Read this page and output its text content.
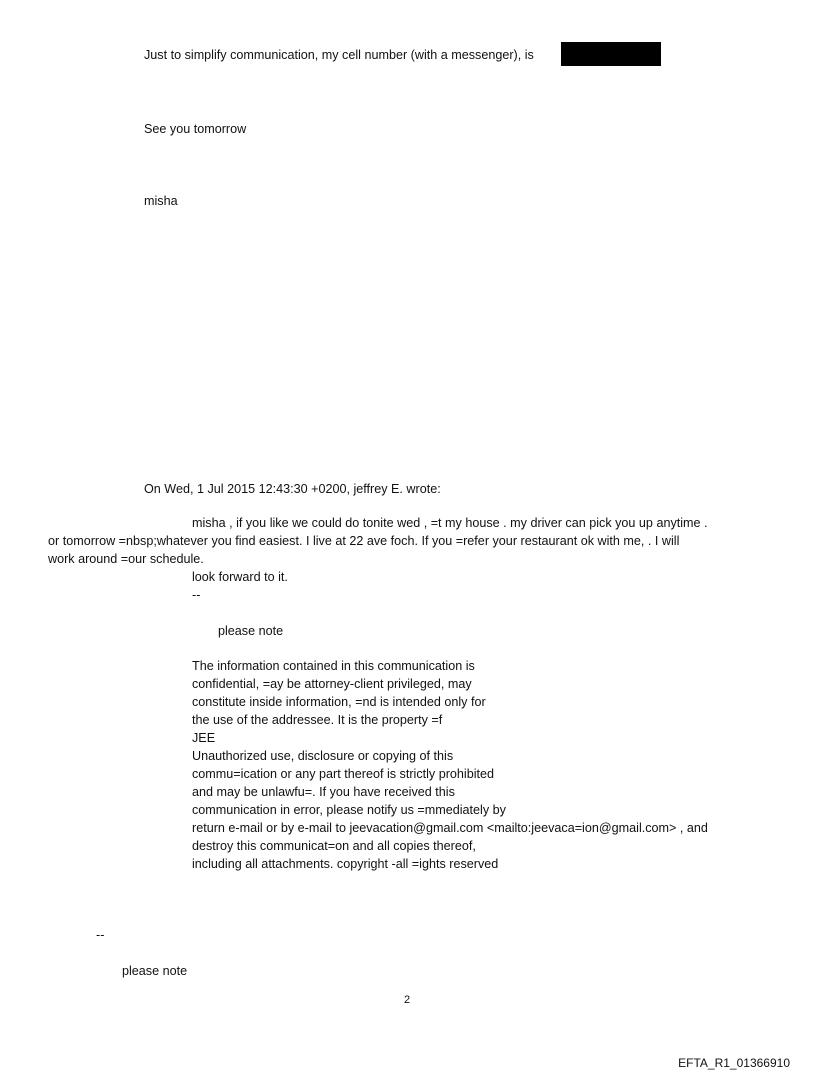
Just to simplify communication, my cell number (with a messenger), is
See you tomorrow
misha
On Wed, 1 Jul 2015 12:43:30 +0200, jeffrey E. wrote:
misha , if you like we could do tonite wed , =t my house . my driver can pick you up anytime .
or tomorrow =nbsp;whatever you find easiest. I live at 22 ave foch. If you =refer your restaurant ok with me, . I will
work around =our schedule.
look forward to it.
--
please note
The information contained in this communication is
confidential, =ay be attorney-client privileged, may
constitute inside information, =nd is intended only for
the use of the addressee. It is the property =f
JEE
Unauthorized use, disclosure or copying of this
commu=ication or any part thereof is strictly prohibited
and may be unlawfu=. If you have received this
communication in error, please notify us =mmediately by
return e-mail or by e-mail to jeevacation@gmail.com <mailto:jeevaca=ion@gmail.com> , and
destroy this communicat=on and all copies thereof,
including all attachments. copyright -all =ights reserved
--
please note
2
EFTA_R1_01366910
